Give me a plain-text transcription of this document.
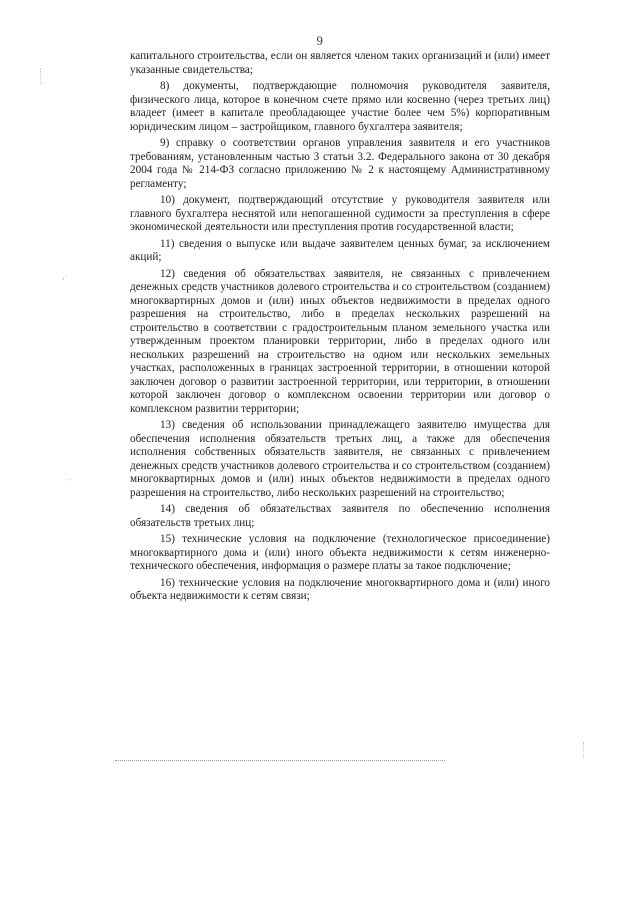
9
,·
·ˑ

капитального строительства, если он является членом таких организаций и (или) имеет указанные свидетельства;

8) документы, подтверждающие полномочия руководителя заявителя, физического лица, которое в конечном счете прямо или косвенно (через третьих лиц) владеет (имеет в капитале преобладающее участие более чем 5%) корпоративным юридическим лицом – застройщиком, главного бухгалтера заявителя;

9) справку о соответствии органов управления заявителя и его участников требованиям, установленным частью 3 статьи 3.2. Федерального закона от 30 декабря 2004 года № 214-ФЗ согласно приложению № 2 к настоящему Административному регламенту;

10) документ, подтверждающий отсутствие у руководителя заявителя или главного бухгалтера неснятой или непогашенной судимости за преступления в сфере экономической деятельности или преступления против государственной власти;

11) сведения о выпуске или выдаче заявителем ценных бумаг, за исключением акций;

12) сведения об обязательствах заявителя, не связанных с привлечением денежных средств участников долевого строительства и со строительством (созданием) многоквартирных домов и (или) иных объектов недвижимости в пределах одного разрешения на строительство, либо в пределах нескольких разрешений на строительство в соответствии с градостроительным планом земельного участка или утвержденным проектом планировки территории, либо в пределах одного или нескольких разрешений на строительство на одном или нескольких земельных участках, расположенных в границах застроенной территории, в отношении которой заключен договор о развитии застроенной территории, или территории, в отношении которой заключен договор о комплексном освоении территории или договор о комплексном развитии территории;

13) сведения об использовании принадлежащего заявителю имущества для обеспечения исполнения обязательств третьих лиц, а также для обеспечения исполнения собственных обязательств заявителя, не связанных с привлечением денежных средств участников долевого строительства и со строительством (созданием) многоквартирных домов и (или) иных объектов недвижимости в пределах одного разрешения на строительство, либо нескольких разрешений на строительство;

14) сведения об обязательствах заявителя по обеспечению исполнения обязательств третьих лиц;

15) технические условия на подключение (технологическое присоединение) многоквартирного дома и (или) иного объекта недвижимости к сетям инженерно-технического обеспечения, информация о размере платы за такое подключение;

16) технические условия на подключение многоквартирного дома и (или) иного объекта недвижимости к сетям связи;
